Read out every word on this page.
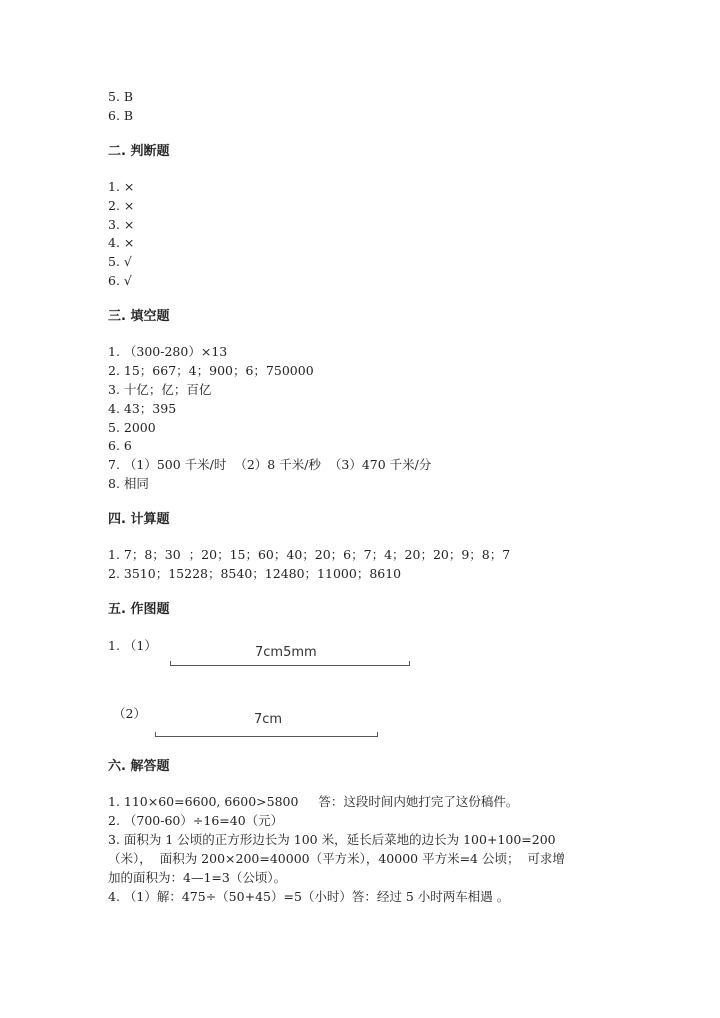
5. B
6. B
二. 判断题
1. ×
2. ×
3. ×
4. ×
5. √
6. √
三. 填空题
1. （300-280）×13
2. 15；667；4；900；6；750000
3. 十亿；亿；百亿
4. 43；395
5. 2000
6. 6
7. （1）500 千米/时  （2）8 千米/秒  （3）470 千米/分
8. 相同
四. 计算题
1. 7；8；30  ；20；15；60；40；20；6；7；4；20；20；9；8；7
2. 3510；15228；8540；12480；11000；8610
五. 作图题
1. （1）	7cm5mm
（2）	7cm
六. 解答题
1. 110×60=6600, 6600>5800     答：这段时间内她打完了这份稿件。
2. （700-60）÷16=40（元）
3. 面积为 1 公顷的正方形边长为 100 米，延长后菜地的边长为 100+100=200
（米），  面积为 200×200=40000（平方米），40000 平方米=4 公顷；  可求增
加的面积为：4—1=3（公顷）。
4. （1）解：475÷（50+45）=5（小时）答：经过 5 小时两车相遇 。
